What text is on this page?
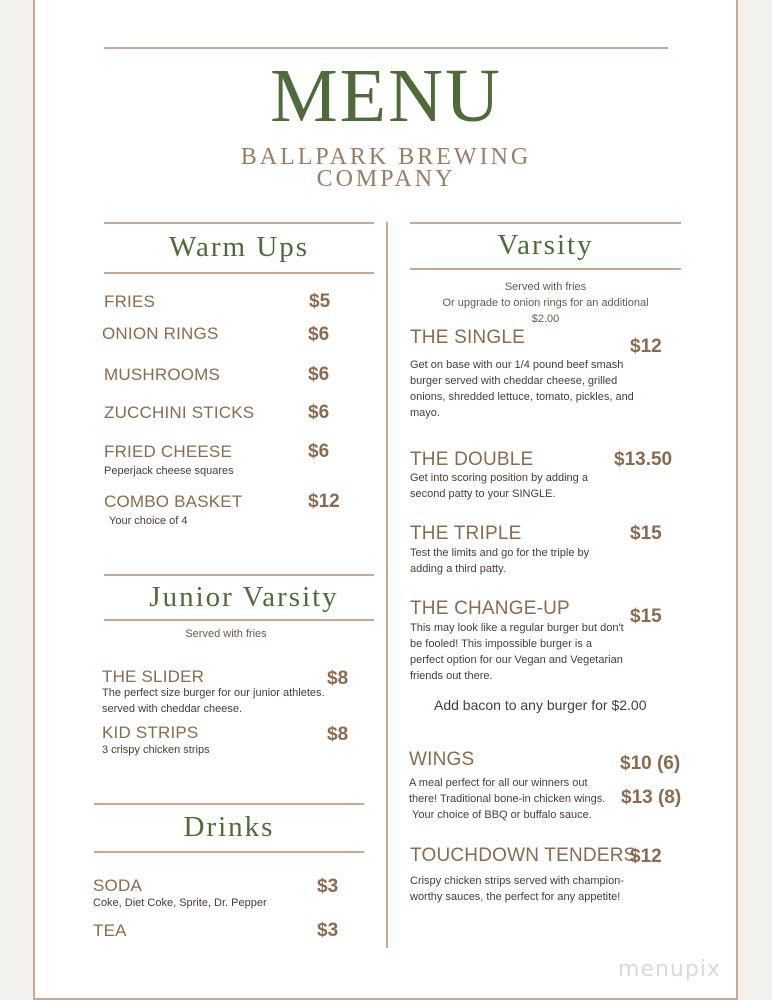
MENU
BALLPARK BREWING
COMPANY
Warm Ups
FRIES	$5
ONION RINGS	$6
MUSHROOMS	$6
ZUCCHINI STICKS	$6
FRIED CHEESE	$6
Peperjack cheese squares
COMBO BASKET	$12
Your choice of 4
Junior Varsity
Served with fries
THE SLIDER	$8
The perfect size burger for our junior athletes.
served with cheddar cheese.
KID STRIPS	$8
3 crispy chicken strips
Drinks
SODA	$3
Coke, Diet Coke, Sprite, Dr. Pepper
TEA	$3
Varsity
Served with fries
Or upgrade to onion rings for an additional
$2.00
THE SINGLE	$12
Get on base with our 1/4 pound beef smash burger served with cheddar cheese, grilled onions, shredded lettuce, tomato, pickles, and mayo.
THE DOUBLE	$13.50
Get into scoring position by adding a second patty to your SINGLE.
THE TRIPLE	$15
Test the limits and go for the triple by adding a third patty.
THE CHANGE-UP	$15
This may look like a regular burger but don't be fooled! This impossible burger is a perfect option for our Vegan and Vegetarian friends out there.
Add bacon to any burger for $2.00
WINGS	$10 (6)
$13 (8)
A meal perfect for all our winners out
there! Traditional bone-in chicken wings.
Your choice of BBQ or buffalo sauce.
TOUCHDOWN TENDERS
$12
Crispy chicken strips served with champion-worthy sauces, the perfect for any appetite!
menupix
